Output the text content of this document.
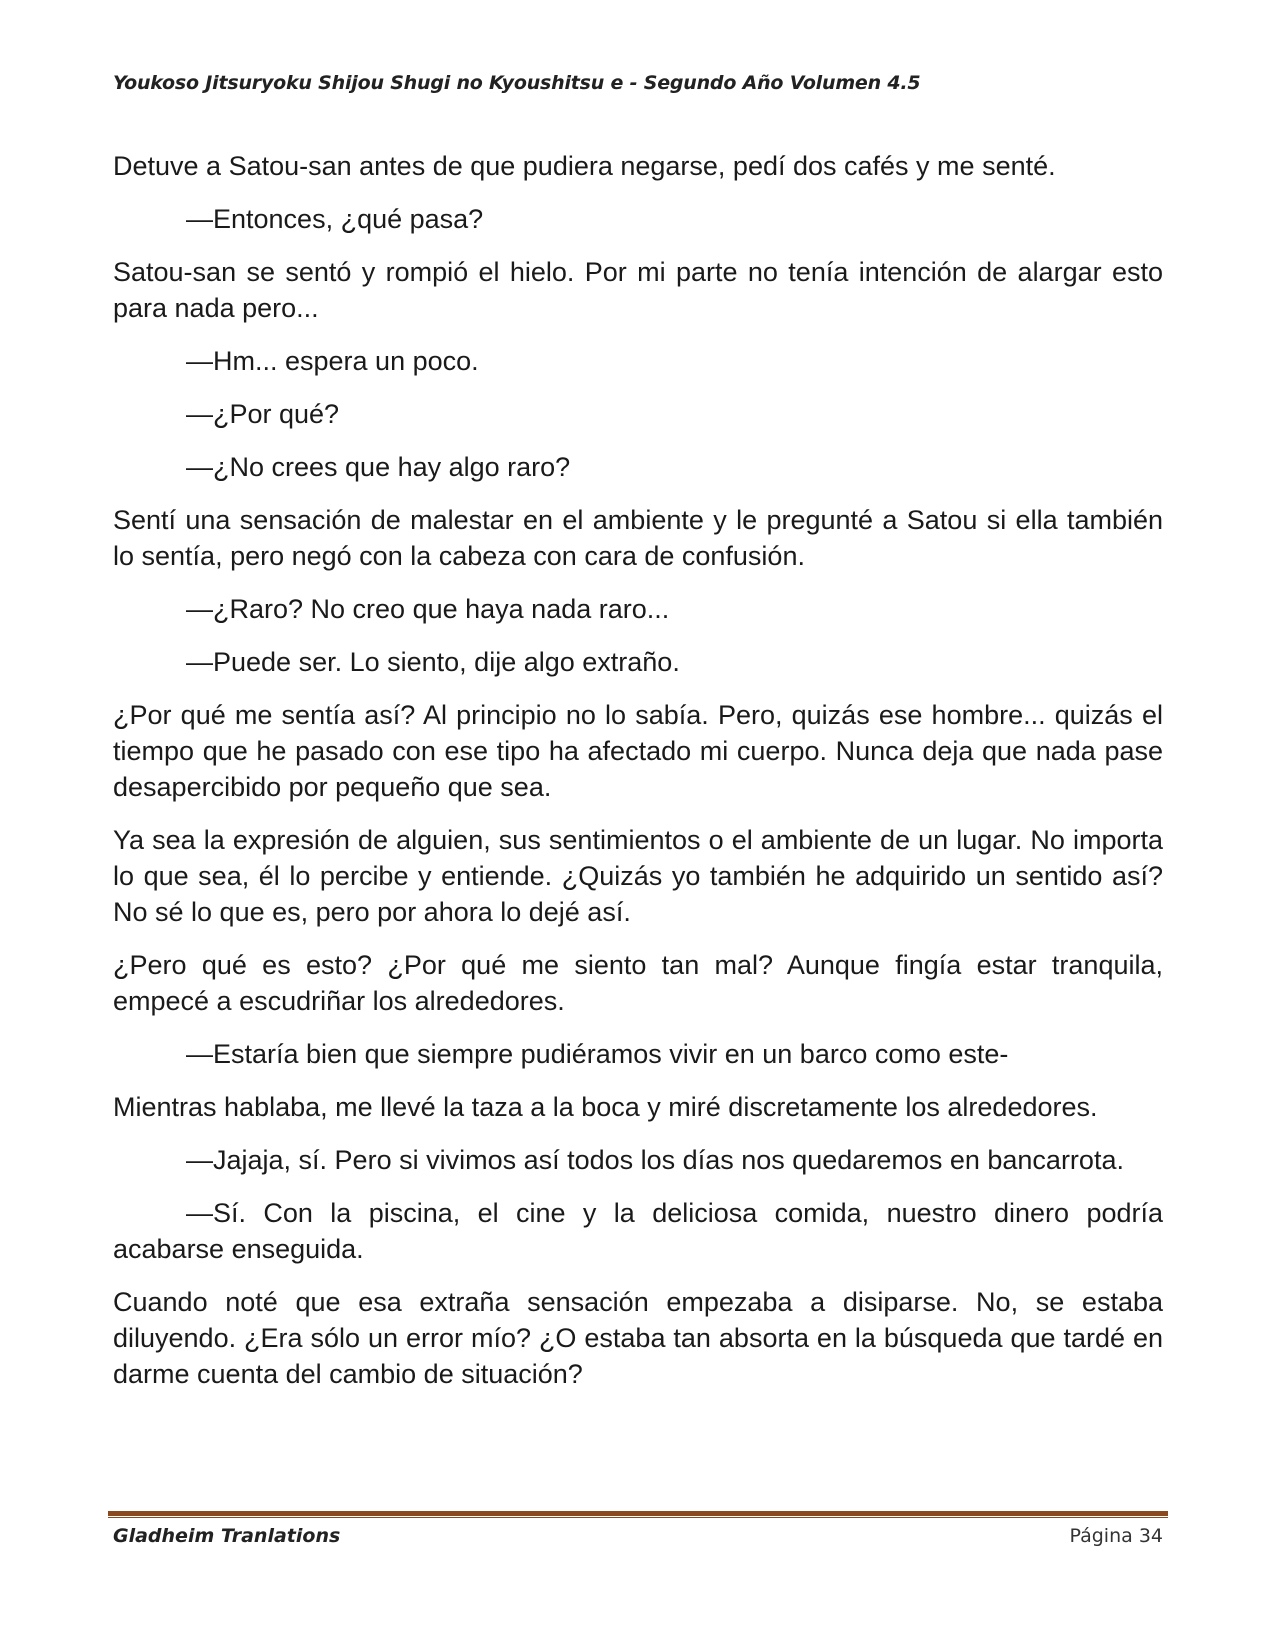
Youkoso Jitsuryoku Shijou Shugi no Kyoushitsu e - Segundo Año Volumen 4.5

Detuve a Satou-san antes de que pudiera negarse, pedí dos cafés y me senté.

—Entonces, ¿qué pasa?

Satou-san se sentó y rompió el hielo. Por mi parte no tenía intención de alargar esto para nada pero...

—Hm... espera un poco.

—¿Por qué?

—¿No crees que hay algo raro?

Sentí una sensación de malestar en el ambiente y le pregunté a Satou si ella también lo sentía, pero negó con la cabeza con cara de confusión.

—¿Raro? No creo que haya nada raro...

—Puede ser. Lo siento, dije algo extraño.

¿Por qué me sentía así? Al principio no lo sabía. Pero, quizás ese hombre... quizás el tiempo que he pasado con ese tipo ha afectado mi cuerpo. Nunca deja que nada pase desapercibido por pequeño que sea.

Ya sea la expresión de alguien, sus sentimientos o el ambiente de un lugar. No importa lo que sea, él lo percibe y entiende. ¿Quizás yo también he adquirido un sentido así? No sé lo que es, pero por ahora lo dejé así.

¿Pero qué es esto? ¿Por qué me siento tan mal? Aunque fingía estar tranquila, empecé a escudriñar los alrededores.

—Estaría bien que siempre pudiéramos vivir en un barco como este-

Mientras hablaba, me llevé la taza a la boca y miré discretamente los alrededores.

—Jajaja, sí. Pero si vivimos así todos los días nos quedaremos en bancarrota.

—Sí. Con la piscina, el cine y la deliciosa comida, nuestro dinero podría acabarse enseguida.

Cuando noté que esa extraña sensación empezaba a disiparse. No, se estaba diluyendo. ¿Era sólo un error mío? ¿O estaba tan absorta en la búsqueda que tardé en darme cuenta del cambio de situación?

Gladheim Tranlations	Página 34
